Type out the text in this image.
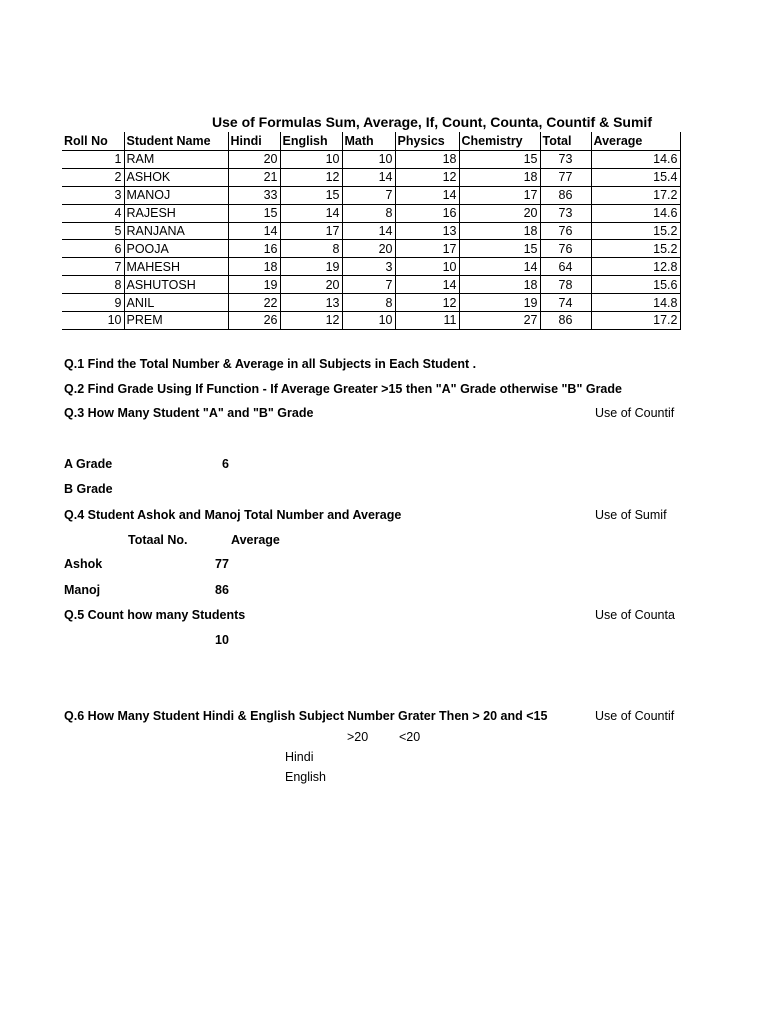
Use of Formulas Sum, Average, If, Count, Counta, Countif & Sumif
Roll No	Student Name	Hindi	English	Math	Physics	Chemistry	Total	Average
1	RAM	20	10	10	18	15	73	14.6
2	ASHOK	21	12	14	12	18	77	15.4
3	MANOJ	33	15	7	14	17	86	17.2
4	RAJESH	15	14	8	16	20	73	14.6
5	RANJANA	14	17	14	13	18	76	15.2
6	POOJA	16	8	20	17	15	76	15.2
7	MAHESH	18	19	3	10	14	64	12.8
8	ASHUTOSH	19	20	7	14	18	78	15.6
9	ANIL	22	13	8	12	19	74	14.8
10	PREM	26	12	10	11	27	86	17.2
Q.1 Find the Total Number & Average in all Subjects in Each Student .
Q.2 Find Grade Using If Function - If Average Greater >15 then "A" Grade otherwise "B" Grade
Q.3 How Many Student "A" and "B" Grade	Use of Countif
A Grade	6
B Grade
Q.4 Student Ashok and Manoj Total Number and Average	Use of Sumif
Totaal No.	Average
Ashok	77
Manoj	86
Q.5 Count how many Students	Use of Counta
10
Q.6 How Many Student Hindi & English Subject Number Grater Then > 20 and <15	Use of Countif
>20 <20
Hindi
English
